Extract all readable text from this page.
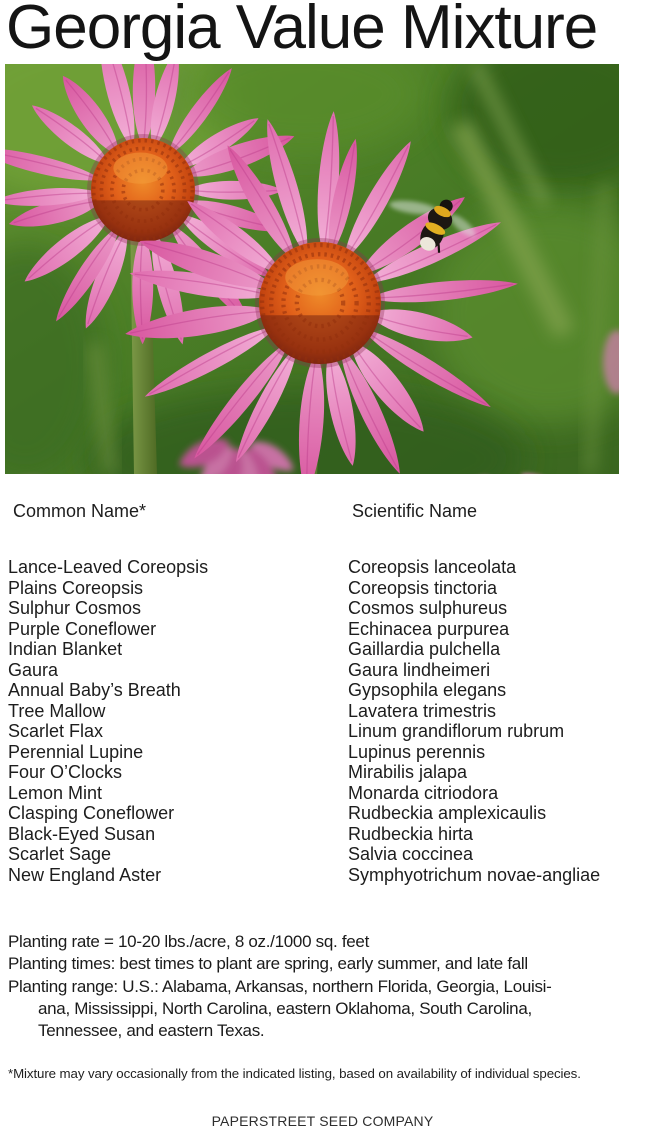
Georgia Value Mixture
Common Name*	Scientific Name
Lance-Leaved Coreopsis	Coreopsis lanceolata
Plains Coreopsis	Coreopsis tinctoria
Sulphur Cosmos	Cosmos sulphureus
Purple Coneflower	Echinacea purpurea
Indian Blanket	Gaillardia pulchella
Gaura	Gaura lindheimeri
Annual Baby’s Breath	Gypsophila elegans
Tree Mallow	Lavatera trimestris
Scarlet Flax	Linum grandiflorum rubrum
Perennial Lupine	Lupinus perennis
Four O’Clocks	Mirabilis jalapa
Lemon Mint	Monarda citriodora
Clasping Coneflower	Rudbeckia amplexicaulis
Black-Eyed Susan	Rudbeckia hirta
Scarlet Sage	Salvia coccinea
New England Aster	Symphyotrichum novae-angliae
Planting rate = 10-20 lbs./acre, 8 oz./1000 sq. feet
Planting times: best times to plant are spring, early summer, and late fall
Planting range: U.S.: Alabama, Arkansas, northern Florida, Georgia, Louisi-
ana, Mississippi, North Carolina, eastern Oklahoma, South Carolina,
Tennessee, and eastern Texas.
*Mixture may vary occasionally from the indicated listing, based on availability of individual species.
PAPERSTREET SEED COMPANY
